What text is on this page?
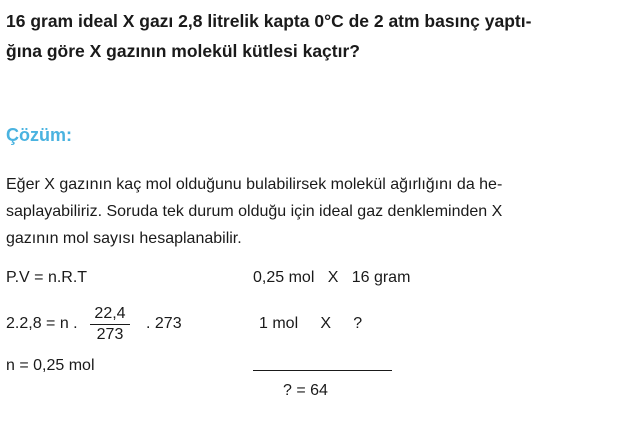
16 gram ideal X gazı 2,8 litrelik kapta 0°C de 2 atm basınç yaptı-
ğına göre X gazının molekül kütlesi kaçtır?
Çözüm:
Eğer X gazının kaç mol olduğunu bulabilirsek molekül ağırlığını da he-
saplayabiliriz. Soruda tek durum olduğu için ideal gaz denkleminden X
gazının mol sayısı hesaplanabilir.
P.V = n.R.T
2.2,8 = n .
22,4
273
. 273
n = 0,25 mol
0,25 mol   X   16 gram
1 mol     X     ?
? = 64
